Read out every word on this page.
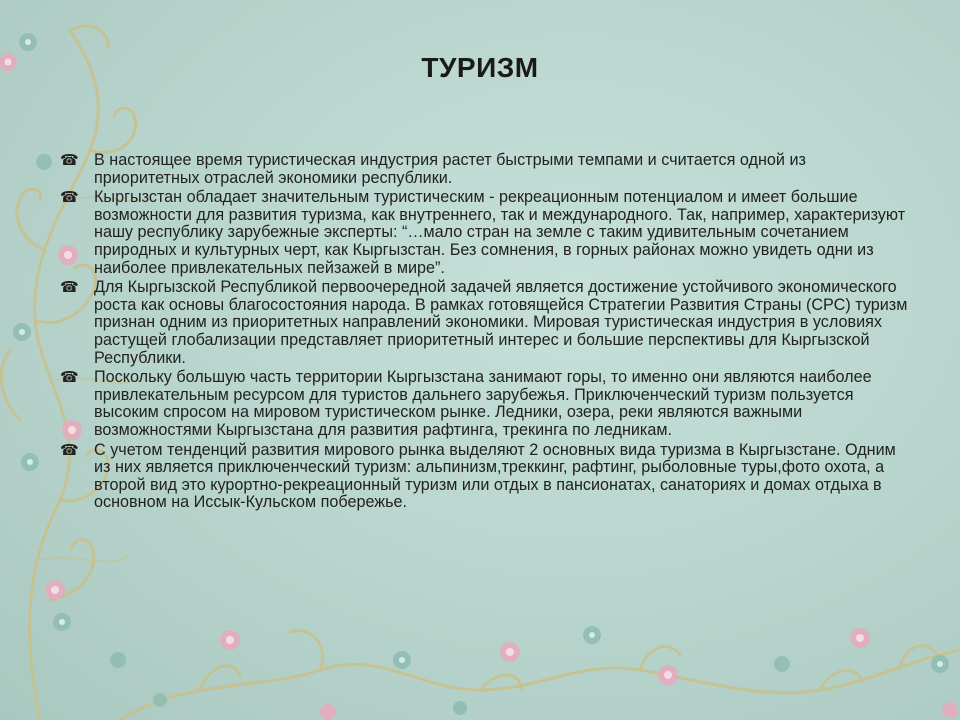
ТУРИЗМ
☎ В настоящее время туристическая индустрия растет быстрыми темпами и считается одной из приоритетных отраслей экономики республики.
☎ Кыргызстан обладает значительным туристическим - рекреационным потенциалом и имеет большие возможности для развития туризма, как внутреннего, так и международного. Так, например, характеризуют нашу республику зарубежные эксперты: “…мало стран на земле с таким удивительным сочетанием природных и культурных черт, как Кыргызстан. Без сомнения, в горных районах можно увидеть одни из наиболее привлекательных пейзажей в мире”.
☎ Для Кыргызской Республикой первоочередной задачей является достижение устойчивого экономического роста как основы благосостояния народа. В рамках готовящейся Стратегии Развития Страны (СРС) туризм признан одним из приоритетных направлений экономики. Мировая туристическая индустрия в условиях растущей глобализации представляет приоритетный интерес и большие перспективы для Кыргызской Республики.
☎ Поскольку большую часть территории Кыргызстана занимают горы, то именно они являются наиболее привлекательным ресурсом для туристов дальнего зарубежья. Приключенческий туризм пользуется высоким спросом на мировом туристическом рынке. Ледники, озера, реки являются важными возможностями Кыргызстана для развития рафтинга, трекинга по ледникам.
☎ С учетом тенденций развития мирового рынка выделяют 2 основных вида туризма в Кыргызстане. Одним из них является приключенческий туризм: альпинизм,треккинг, рафтинг, рыболовные туры,фото охота, а второй вид это курортно-рекреационный туризм или отдых в пансионатах, санаториях и домах отдыха в основном на Иссык-Кульском побережье.
